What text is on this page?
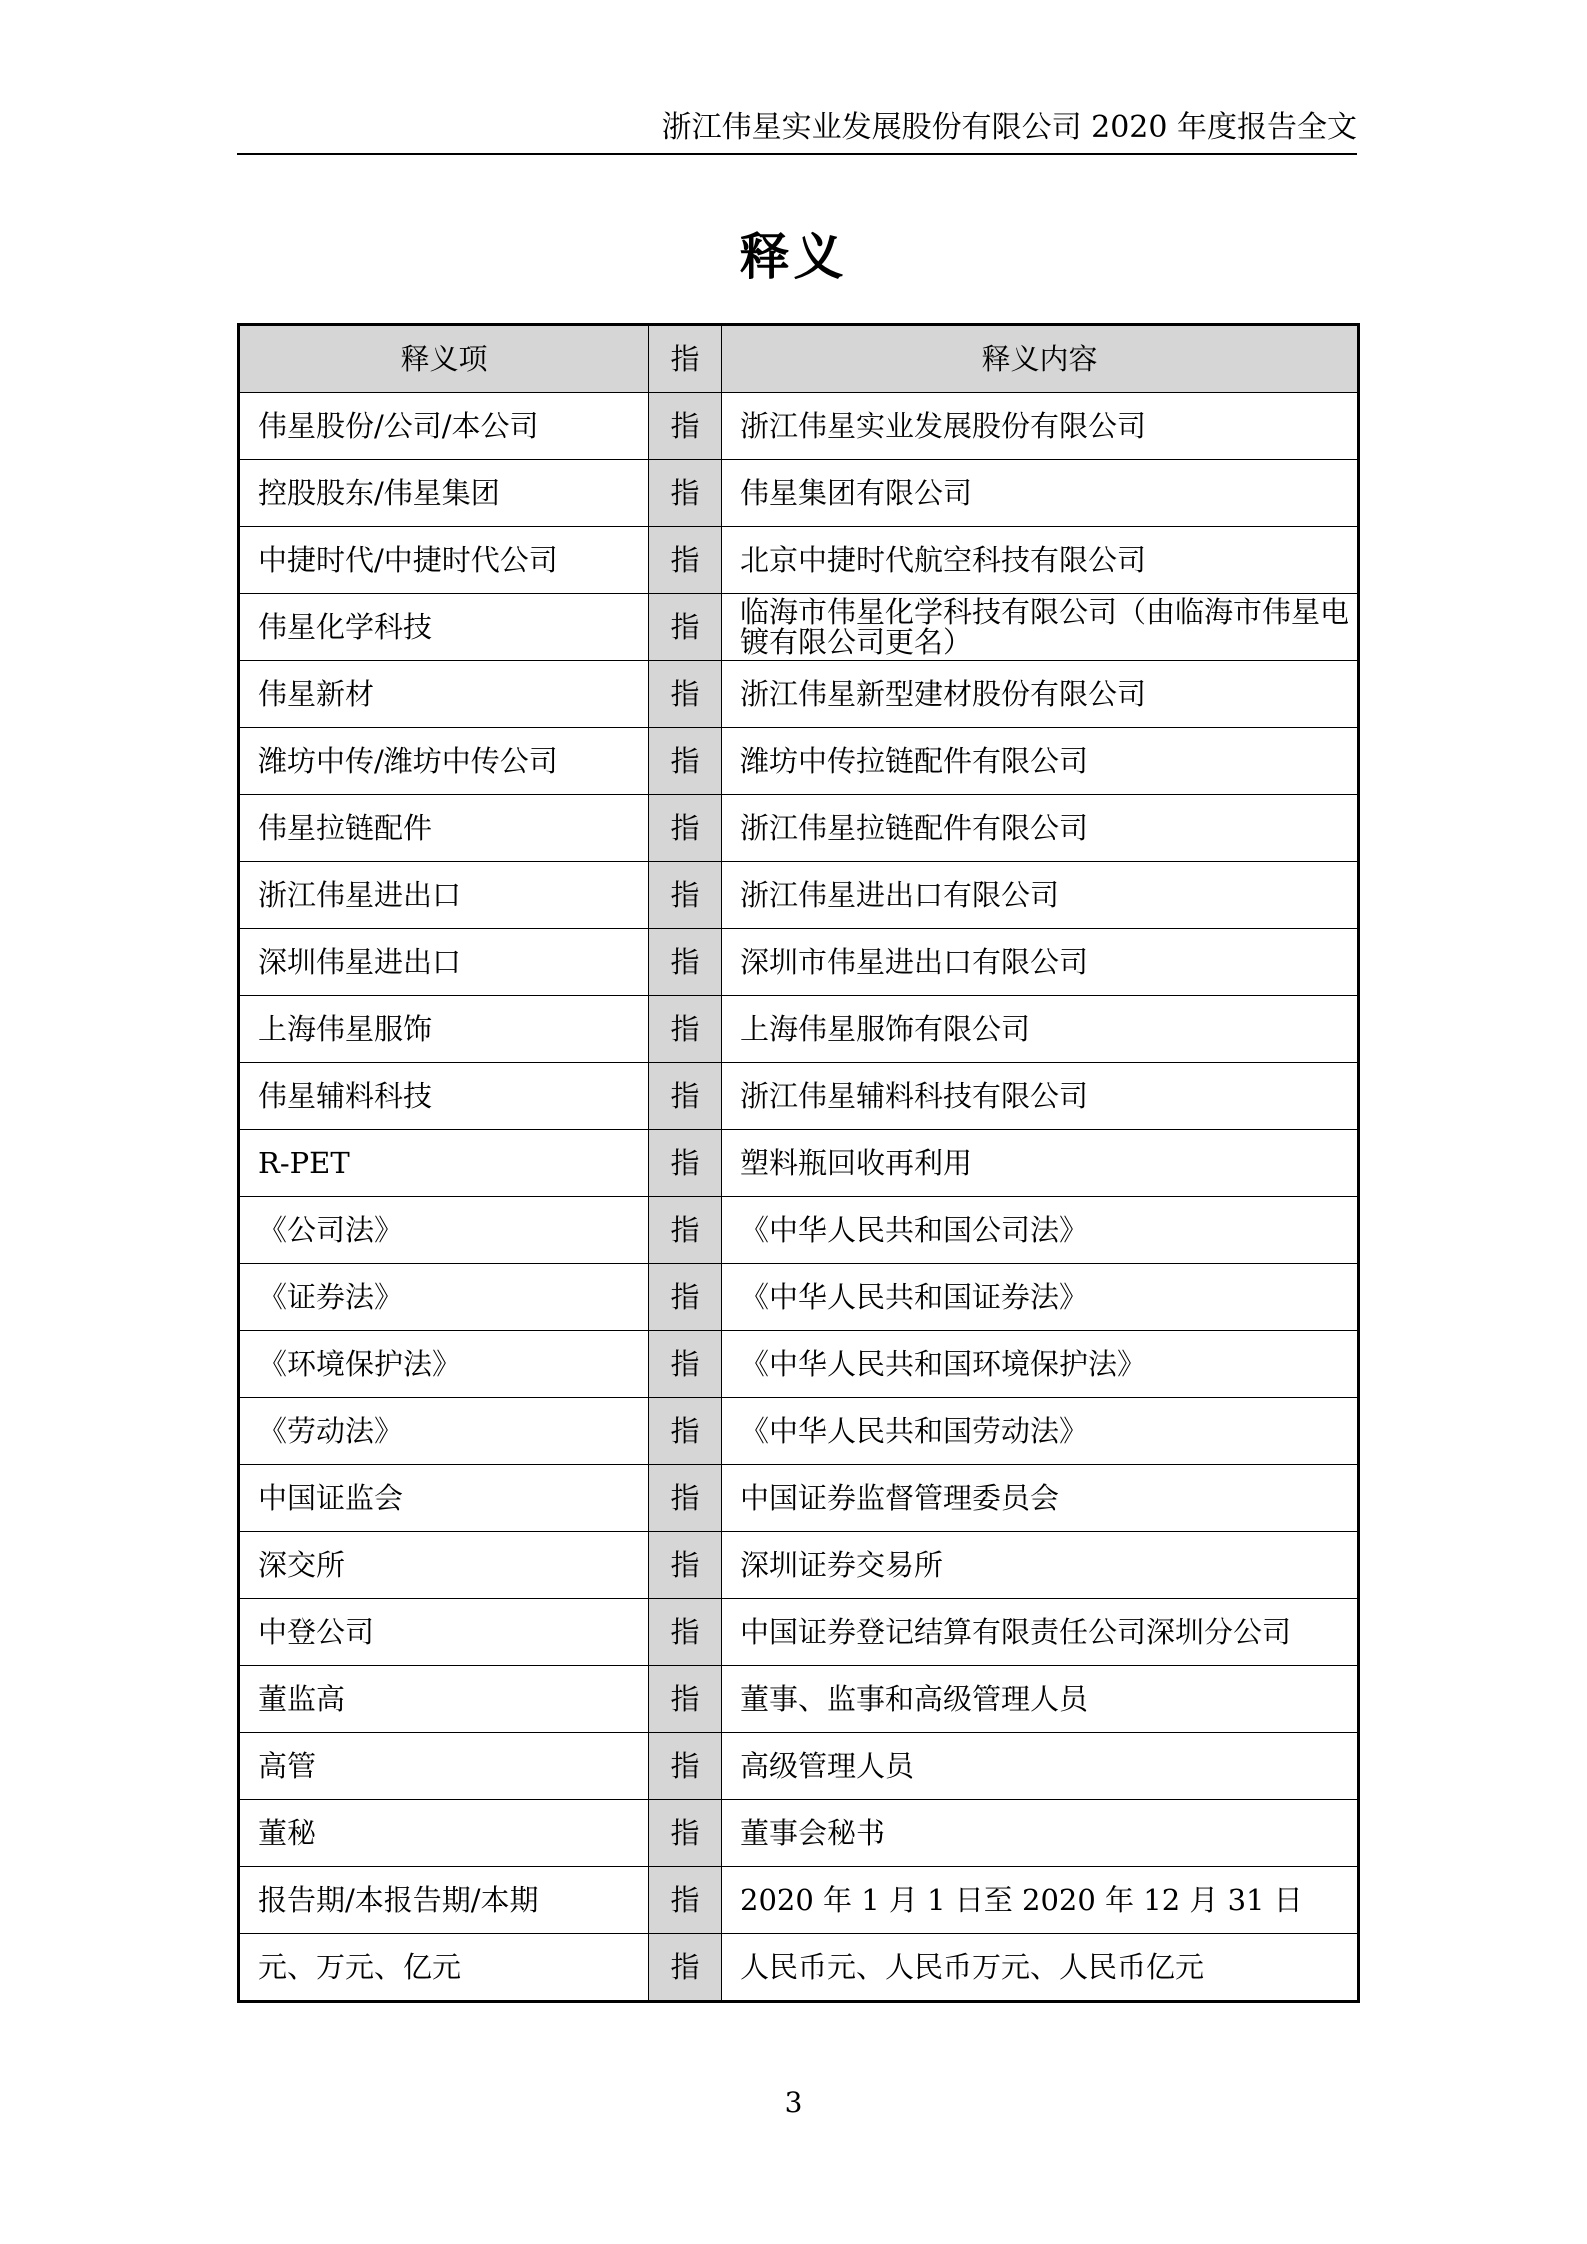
浙江伟星实业发展股份有限公司 2020 年度报告全文
释义
释义项	指	释义内容
伟星股份/公司/本公司	指	浙江伟星实业发展股份有限公司
控股股东/伟星集团	指	伟星集团有限公司
中捷时代/中捷时代公司	指	北京中捷时代航空科技有限公司
伟星化学科技	指	临海市伟星化学科技有限公司（由临海市伟星电镀有限公司更名）
伟星新材	指	浙江伟星新型建材股份有限公司
潍坊中传/潍坊中传公司	指	潍坊中传拉链配件有限公司
伟星拉链配件	指	浙江伟星拉链配件有限公司
浙江伟星进出口	指	浙江伟星进出口有限公司
深圳伟星进出口	指	深圳市伟星进出口有限公司
上海伟星服饰	指	上海伟星服饰有限公司
伟星辅料科技	指	浙江伟星辅料科技有限公司
R-PET	指	塑料瓶回收再利用
《公司法》	指	《中华人民共和国公司法》
《证券法》	指	《中华人民共和国证券法》
《环境保护法》	指	《中华人民共和国环境保护法》
《劳动法》	指	《中华人民共和国劳动法》
中国证监会	指	中国证券监督管理委员会
深交所	指	深圳证券交易所
中登公司	指	中国证券登记结算有限责任公司深圳分公司
董监高	指	董事、监事和高级管理人员
高管	指	高级管理人员
董秘	指	董事会秘书
报告期/本报告期/本期	指	2020 年 1 月 1 日至 2020 年 12 月 31 日
元、万元、亿元	指	人民币元、人民币万元、人民币亿元
3
